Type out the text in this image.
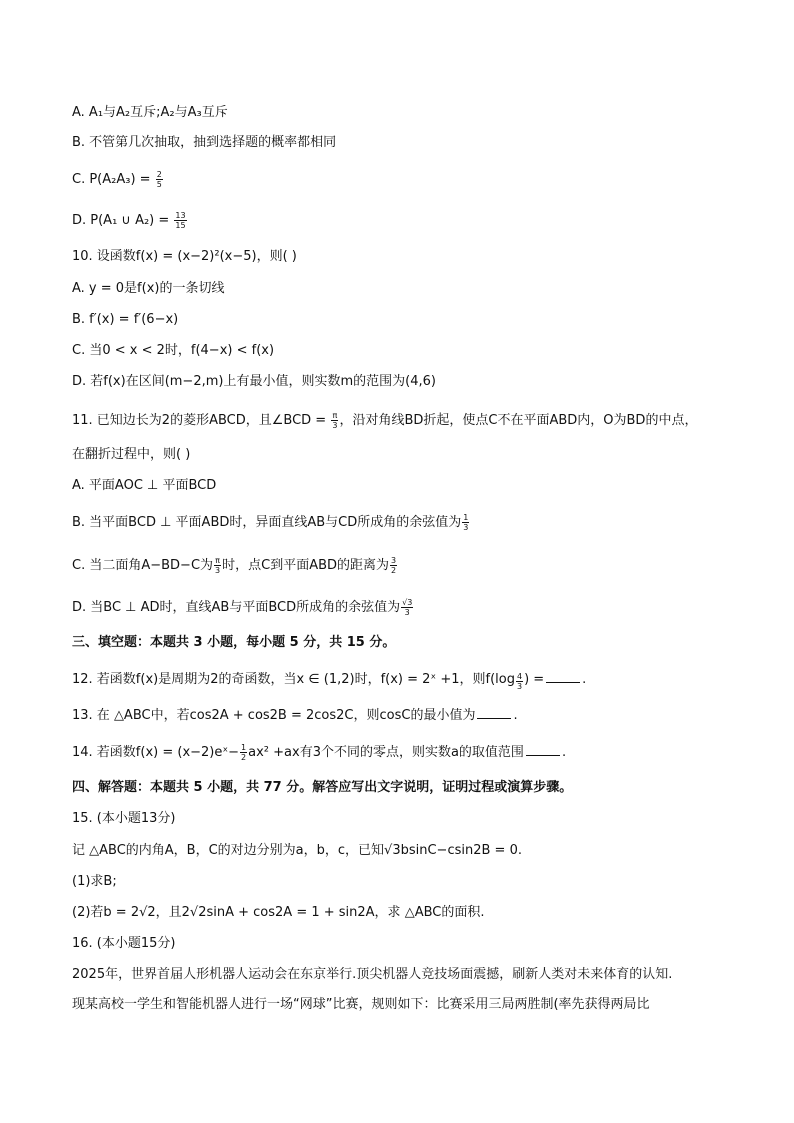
A. A₁与A₂互斥;A₂与A₃互斥
B. 不管第几次抽取，抽到选择题的概率都相同
C. $P(A_2A_3) = \frac{2}{5}$
D. P(A₁ ∪ $A_2) = \frac{13}{15}$
10. 设函数f(x) = (x−2)²(x−5)，则( )
A. y = 0是f(x)的一条切线
B. f′(x) = f′(6−x)
C. 当0 < x < 2时，f(4−x) < f(x)
D. 若f(x)在区间(m−2,m)上有最小值，则实数m的范围为(4,6)
11. 已知边长为2的菱形ABCD，且∠BCD = $\frac{\pi}{3}$ ，沿对角线BD折起，使点C不在平面ABD内，O为BD的中点，
在翻折过程中，则( )
A. 平面AOC ⊥ 平面BCD
B. 当平面BCD ⊥ 平面ABD时，异面直线AB与CD所成角的余弦值为 $\frac{1}{3}$
C. 当二面角A−BD−C为 $\frac{\pi}{3}$ 时，点C到平面ABD的距离为 $\frac{3}{2}$
D. 当BC ⊥ AD时，直线AB与平面BCD所成角的余弦值为 $\frac{√3}{3}$
三、填空题：本题共 3 小题，每小题 5 分，共 15 分。
12. 若函数f(x)是周期为2的奇函数，当x ∈ (1,2)时，f(x) = 2ˣ +1，则$f(\log \frac{4}{3}$ ) =	.
13. 在 △ABC中，若cos2A + cos2B = 2cos2C，则cosC的最小值为	.
14. 若函数f(x) = (x−2)eˣ− $\frac{1}{2} ax^2 +ax$有3个不同的零点，则实数a的取值范围	.
四、解答题：本题共 5 小题，共 77 分。解答应写出文字说明，证明过程或演算步骤。
15. (本小题13分)
记 △ABC的内角A，B，C的对边分别为a，b，c，已知√3bsinC−csin2B = 0.
(1)求B;
(2)若b = 2√2，且2√2sinA + cos2A = 1 + sin2A，求 △ABC的面积.
16. (本小题15分)
2025年，世界首届人形机器人运动会在东京举行.顶尖机器人竞技场面震撼，刷新人类对未来体育的认知.
现某高校一学生和智能机器人进行一场“网球”比赛，规则如下：比赛采用三局两胜制(率先获得两局比
